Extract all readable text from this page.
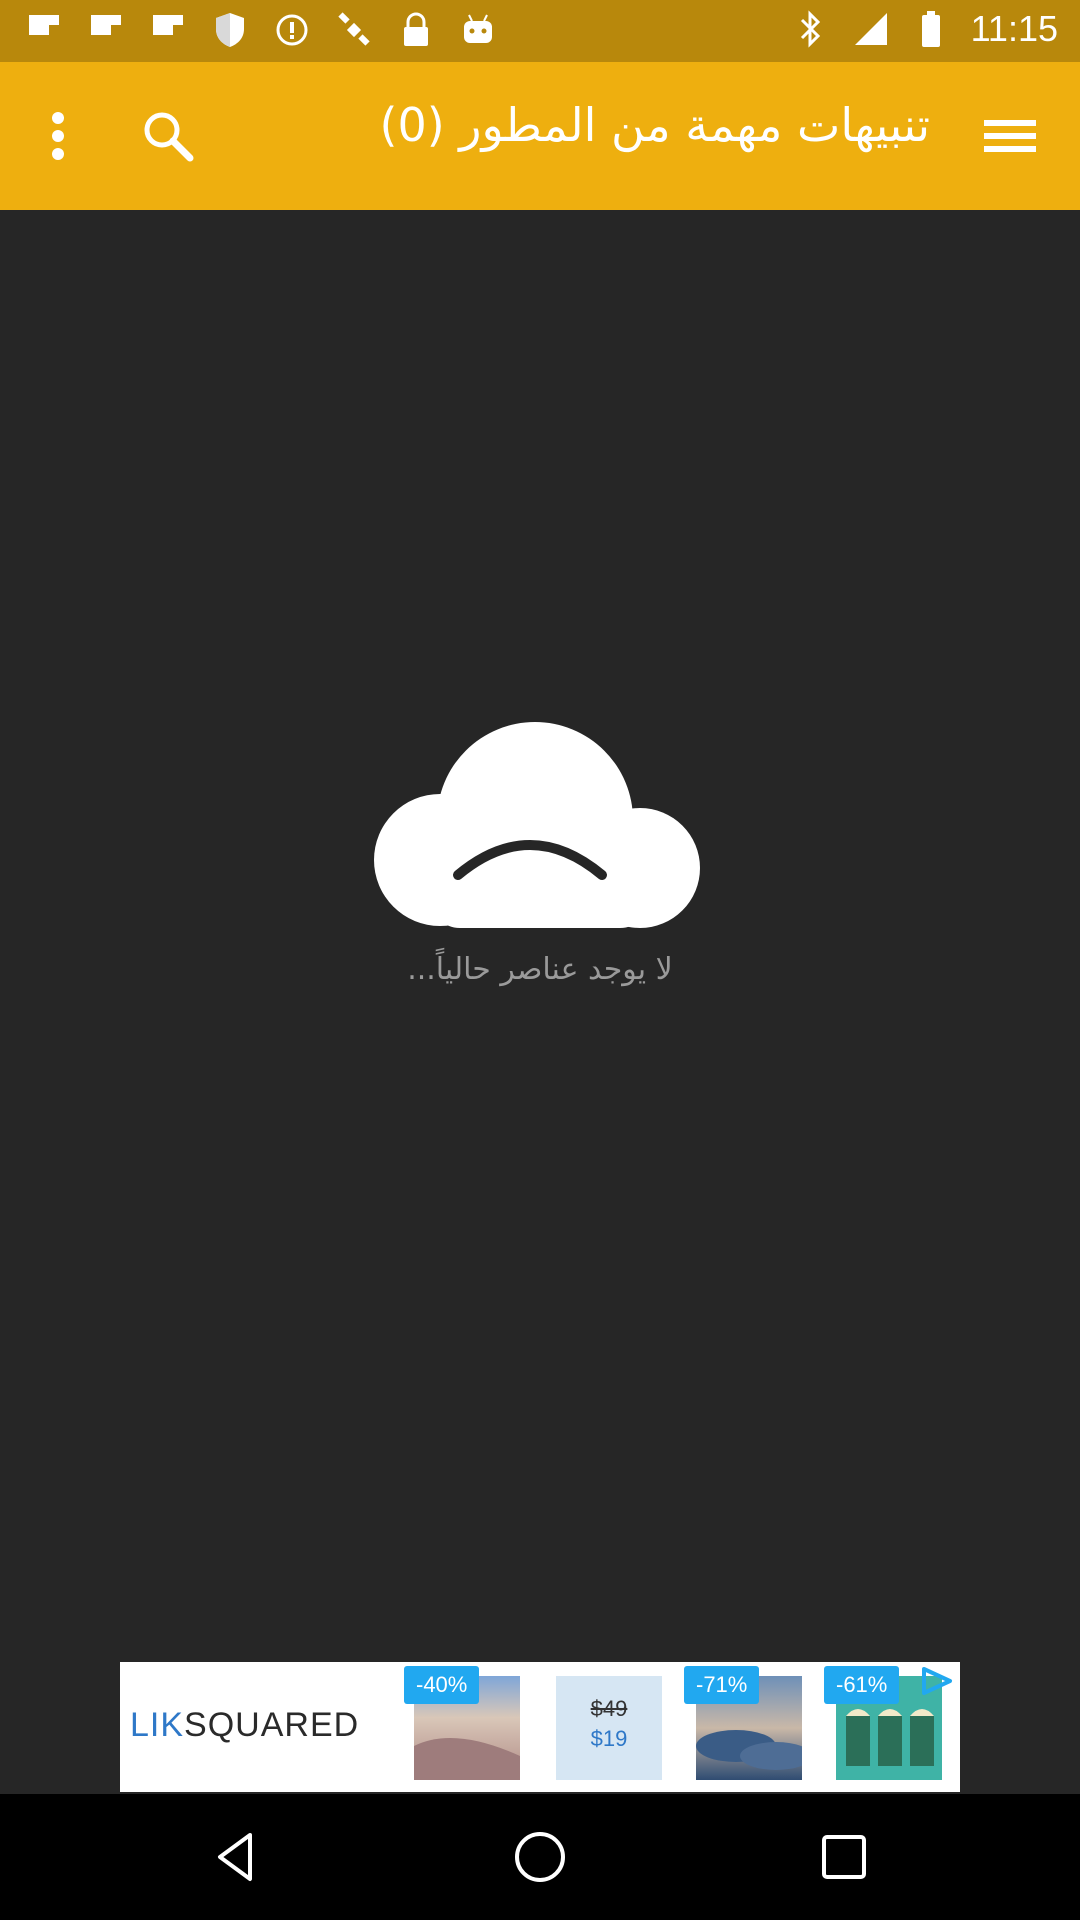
11:15
تنبيهات مهمة من المطور (0)
لا يوجد عناصر حالياً...
LIKSQUARED
-40%
$49
$19
-71%	-61%
